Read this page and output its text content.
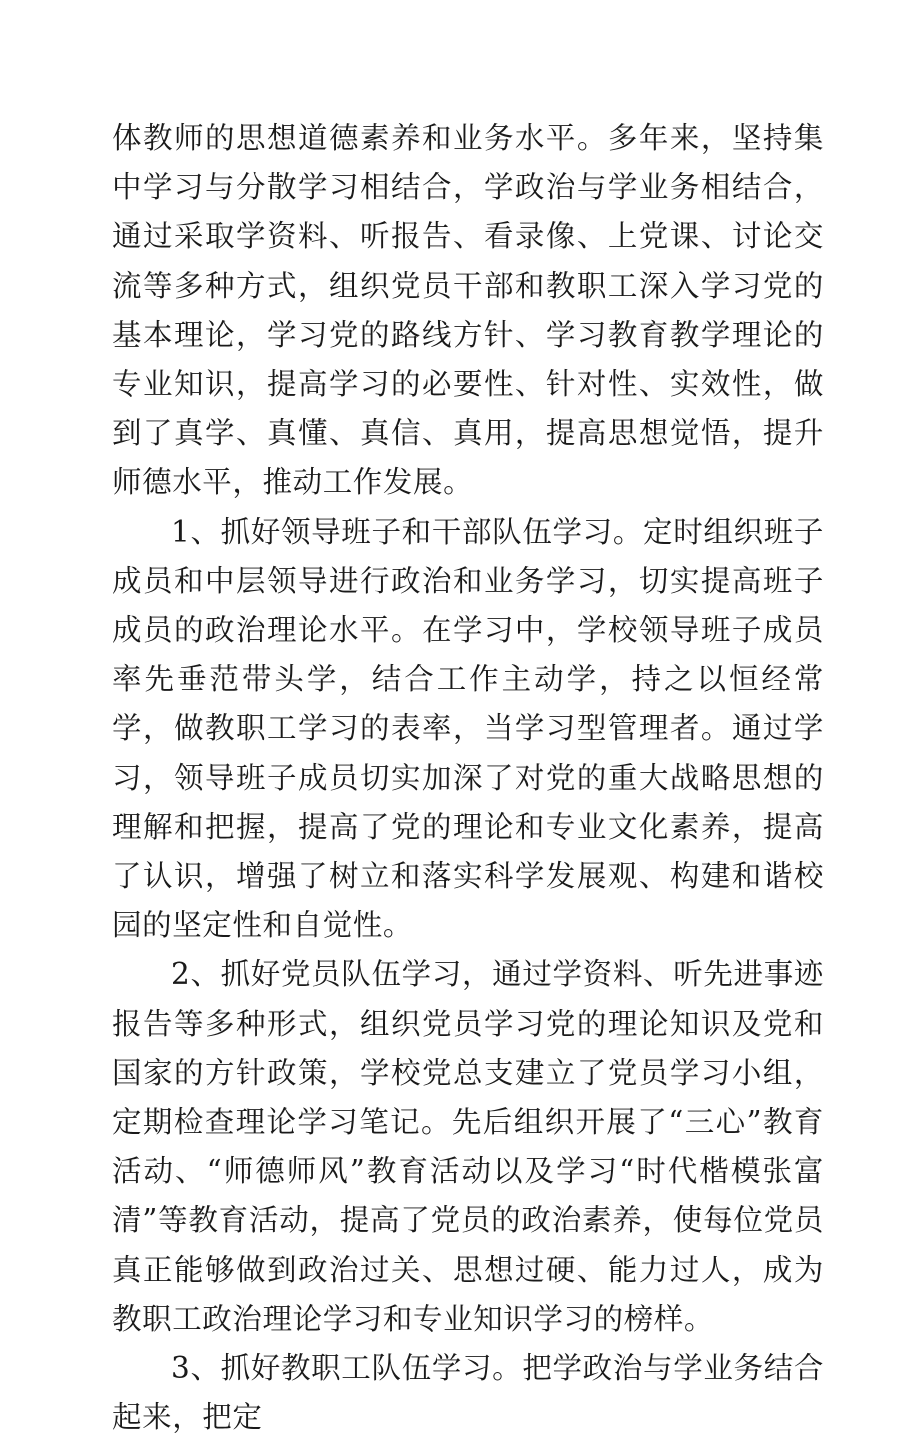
体教师的思想道德素养和业务水平。多年来，坚持集中学习与分散学习相结合，学政治与学业务相结合，通过采取学资料、听报告、看录像、上党课、讨论交流等多种方式，组织党员干部和教职工深入学习党的基本理论，学习党的路线方针、学习教育教学理论的专业知识，提高学习的必要性、针对性、实效性，做到了真学、真懂、真信、真用，提高思想觉悟，提升师德水平，推动工作发展。

1、抓好领导班子和干部队伍学习。定时组织班子成员和中层领导进行政治和业务学习，切实提高班子成员的政治理论水平。在学习中，学校领导班子成员率先垂范带头学，结合工作主动学，持之以恒经常学，做教职工学习的表率，当学习型管理者。通过学习，领导班子成员切实加深了对党的重大战略思想的理解和把握，提高了党的理论和专业文化素养，提高了认识，增强了树立和落实科学发展观、构建和谐校园的坚定性和自觉性。

2、抓好党员队伍学习，通过学资料、听先进事迹报告等多种形式，组织党员学习党的理论知识及党和国家的方针政策，学校党总支建立了党员学习小组，定期检查理论学习笔记。先后组织开展了“三心”教育活动、“师德师风”教育活动以及学习“时代楷模张富清”等教育活动，提高了党员的政治素养，使每位党员真正能够做到政治过关、思想过硬、能力过人，成为教职工政治理论学习和专业知识学习的榜样。

3、抓好教职工队伍学习。把学政治与学业务结合起来，把定
